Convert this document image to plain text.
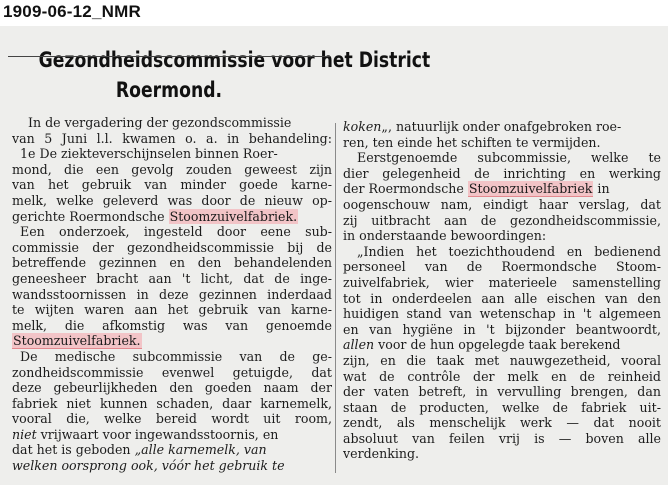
1909-06-12_NMR
Gezondheidscommissie voor het District
Roermond.
In de vergadering der gezondscommissie
van 5 Juni l.l. kwamen o. a. in behandeling:
1e De ziekteverschijnselen binnen Roer-
mond, die een gevolg zouden geweest zijn
van het gebruik van minder goede karne-
melk, welke geleverd was door de nieuw op-
gerichte Roermondsche Stoomzuivelfabriek.
Een onderzoek, ingesteld door eene sub-
commissie der gezondheidscommissie bij de
betreffende gezinnen en den behandelenden
geneesheer bracht aan 't licht, dat de inge-
wandsstoornissen in deze gezinnen inderdaad
te wijten waren aan het gebruik van karne-
melk, die afkomstig was van genoemde
Stoomzuivelfabriek.
De medische subcommissie van de ge-
zondheidscommissie evenwel getuigde, dat
deze gebeurlijkheden den goeden naam der
fabriek niet kunnen schaden, daar karnemelk,
vooral die, welke bereid wordt uit room,
niet vrijwaart voor ingewandsstoornis, en
dat het is geboden „alle karnemelk, van
welken oorsprong ook, vóór het gebruik te
koken„, natuurlijk onder onafgebroken roe-
ren, ten einde het schiften te vermijden.
Eerstgenoemde subcommissie, welke te
dier gelegenheid de inrichting en werking
der Roermondsche Stoomzuivelfabriek in
oogenschouw nam, eindigt haar verslag, dat
zij uitbracht aan de gezondheidscommissie,
in onderstaande bewoordingen:
„Indien het toezichthoudend en bedienend
personeel van de Roermondsche Stoom-
zuivelfabriek, wier materieele samenstelling
tot in onderdeelen aan alle eischen van den
huidigen stand van wetenschap in 't algemeen
en van hygiëne in 't bijzonder beantwoordt,
allen voor de hun opgelegde taak berekend
zijn, en die taak met nauwgezetheid, vooral
wat de contrôle der melk en de reinheid
der vaten betreft, in vervulling brengen, dan
staan de producten, welke de fabriek uit-
zendt, als menschelijk werk — dat nooit
absoluut van feilen vrij is — boven alle
verdenking.
